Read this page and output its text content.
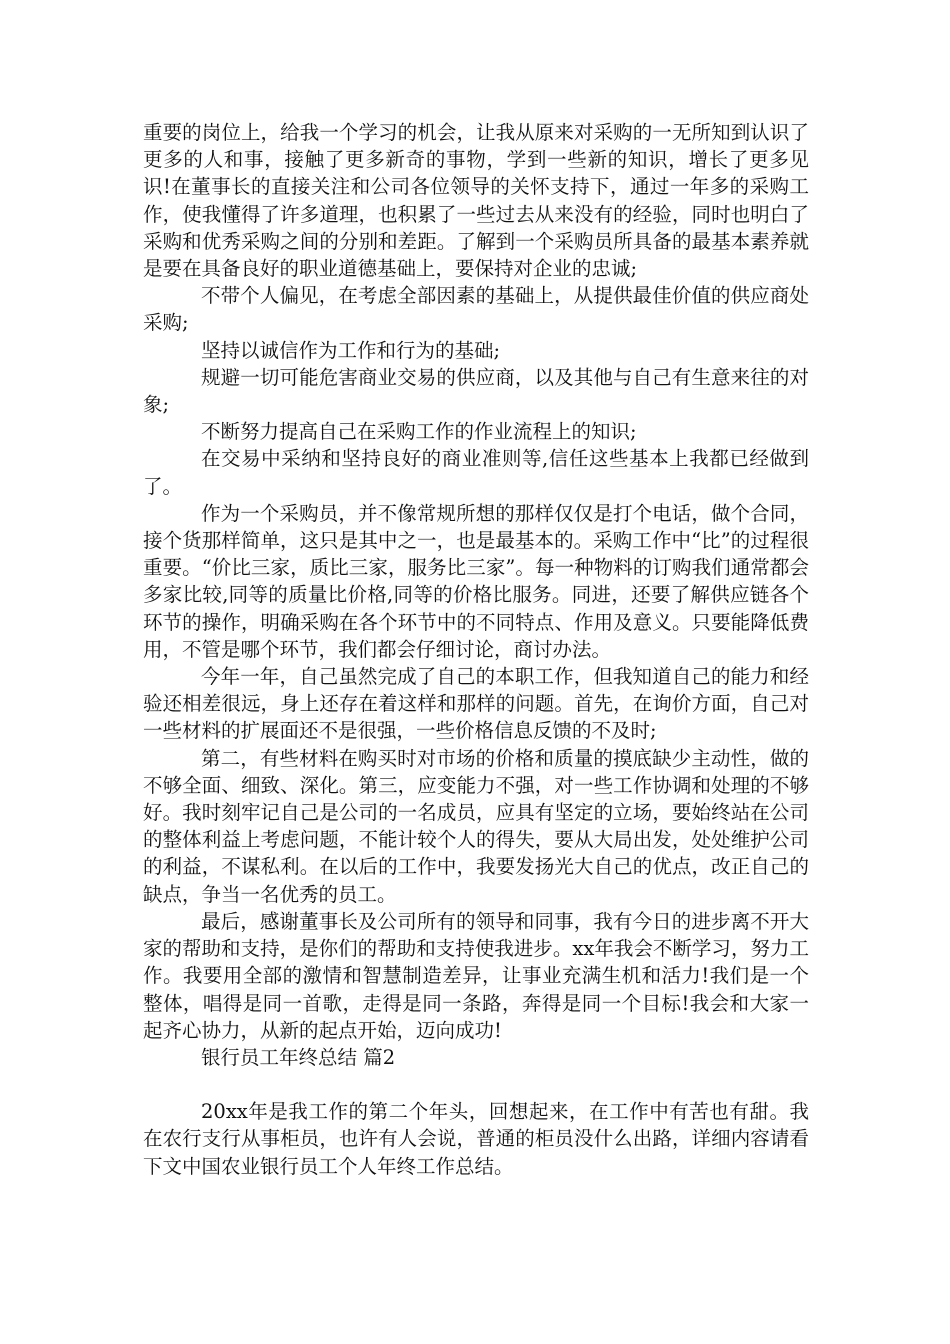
重要的岗位上，给我一个学习的机会，让我从原来对采购的一无所知到认识了更多的人和事，接触了更多新奇的事物，学到一些新的知识，增长了更多见识!在董事长的直接关注和公司各位领导的关怀支持下，通过一年多的采购工作，使我懂得了许多道理，也积累了一些过去从来没有的经验，同时也明白了采购和优秀采购之间的分别和差距。了解到一个采购员所具备的最基本素养就是要在具备良好的职业道德基础上，要保持对企业的忠诚;

不带个人偏见，在考虑全部因素的基础上，从提供最佳价值的供应商处采购;

坚持以诚信作为工作和行为的基础;

规避一切可能危害商业交易的供应商，以及其他与自己有生意来往的对象;

不断努力提高自己在采购工作的作业流程上的知识;

在交易中采纳和坚持良好的商业准则等,信任这些基本上我都已经做到了。

作为一个采购员，并不像常规所想的那样仅仅是打个电话，做个合同，接个货那样简单，这只是其中之一，也是最基本的。采购工作中“比”的过程很重要。“价比三家，质比三家，服务比三家”。每一种物料的订购我们通常都会多家比较,同等的质量比价格,同等的价格比服务。同进，还要了解供应链各个环节的操作，明确采购在各个环节中的不同特点、作用及意义。只要能降低费用，不管是哪个环节，我们都会仔细讨论，商讨办法。

今年一年，自己虽然完成了自己的本职工作，但我知道自己的能力和经验还相差很远，身上还存在着这样和那样的问题。首先，在询价方面，自己对一些材料的扩展面还不是很强，一些价格信息反馈的不及时;

第二，有些材料在购买时对市场的价格和质量的摸底缺少主动性，做的不够全面、细致、深化。第三，应变能力不强，对一些工作协调和处理的不够好。我时刻牢记自己是公司的一名成员，应具有坚定的立场，要始终站在公司的整体利益上考虑问题，不能计较个人的得失，要从大局出发，处处维护公司的利益，不谋私利。在以后的工作中，我要发扬光大自己的优点，改正自己的缺点，争当一名优秀的员工。

最后，感谢董事长及公司所有的领导和同事，我有今日的进步离不开大家的帮助和支持，是你们的帮助和支持使我进步。xx年我会不断学习，努力工作。我要用全部的激情和智慧制造差异，让事业充满生机和活力!我们是一个整体，唱得是同一首歌，走得是同一条路，奔得是同一个目标!我会和大家一起齐心协力，从新的起点开始，迈向成功!

银行员工年终总结 篇2

20xx年是我工作的第二个年头，回想起来，在工作中有苦也有甜。我在农行支行从事柜员，也许有人会说，普通的柜员没什么出路，详细内容请看下文中国农业银行员工个人年终工作总结。
